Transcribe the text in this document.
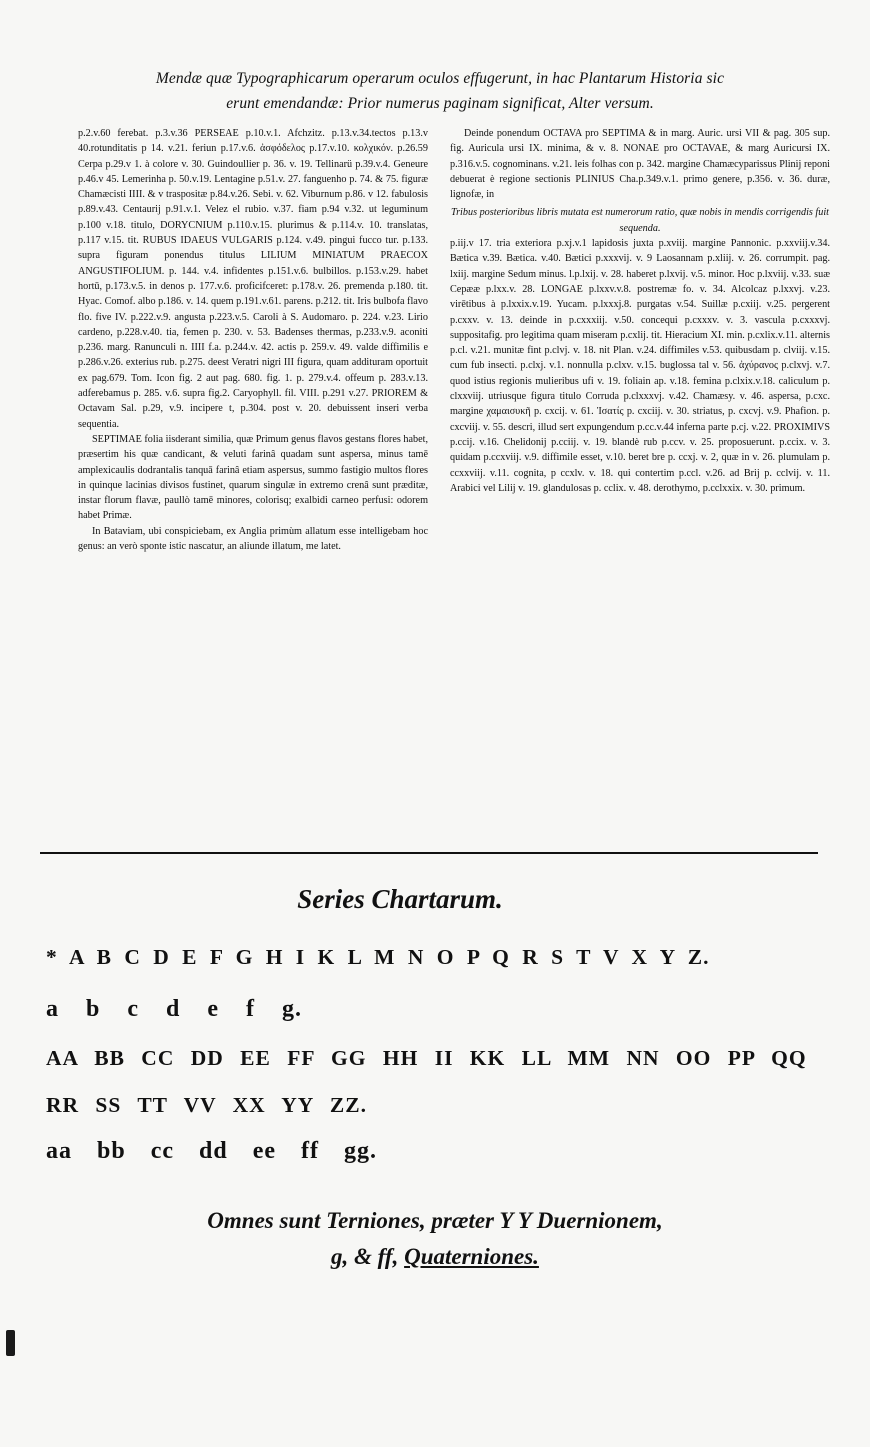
Mendæ quæ Typographicarum operarum oculos effugerunt, in hac Plantarum Historia sic
erunt emendandæ: Prior numerus paginam significat, Alter versum.

p.2.v.60 ferebat. p.3.v.36 PERSEAE p.10.v.1. Afchzitz. p.13.v.34.tectos p.13.v 40.rotunditatis p 14. v.21. feriun p.17.v.6. ἀσφόδελος p.17.v.10. κολχικόν. p.26.59 Cerpa p.29.v 1. à colore v. 30. Guindoullier p. 36. v. 19. Tellinarü p.39.v.4. Geneure p.46.v 45. Lemerinha p. 50.v.19. Lentagine p.51.v. 27. fanguenho p. 74. & 75. figuræ Chamæcisti IIII. & v traspositæ p.84.v.26. Sebi. v. 62. Viburnum p.86. v 12. fabulosis p.89.v.43. Centaurij p.91.v.1. Velez el rubio. v.37. fiam p.94 v.32. ut leguminum p.100 v.18. titulo, DORYCNIUM p.110.v.15. plurimus & p.114.v. 10. translatas, p.117 v.15. tit. RUBUS IDAEUS VULGARIS p.124. v.49. pingui fucco tur. p.133. supra figuram ponendus titulus LILIUM MINIATUM PRAECOX ANGUSTIFOLIUM. p. 144. v.4. infidentes p.151.v.6. bulbillos. p.153.v.29. habet hortū, p.173.v.5. in denos p. 177.v.6. proficifceret: p.178.v. 26. premenda p.180. tit. Hyac. Comof. albo p.186. v. 14. quem p.191.v.61. parens. p.212. tit. Iris bulbofa flavo flo. five IV. p.222.v.9. angusta p.223.v.5. Caroli à S. Audomaro. p. 224. v.23. Lirio cardeno, p.228.v.40. tia, femen p. 230. v. 53. Badenses thermas, p.233.v.9. aconiti p.236. marg. Ranunculi n. IIII f.a. p.244.v. 42. actis p. 259.v. 49. valde diffimilis e p.286.v.26. exterius rub. p.275. deest Veratri nigri III figura, quam addituram oportuit ex pag.679. Tom. Icon fig. 2 aut pag. 680. fig. 1. p. 279.v.4. offeum p. 283.v.13. adferebamus p. 285. v.6. supra fig.2. Caryophyll. fil. VIII. p.291 v.27. PRIOREM & Octavam Sal. p.29, v.9. incipere t, p.304. post v. 20. debuissent inseri verba sequentia.

SEPTIMAE folia iisderant similia, quæ Primum genus flavos gestans flores habet, præsertim his quæ candicant, & veluti farinâ quadam sunt aspersa, minus tamē amplexicaulis dodrantalis tanquā farinâ etiam aspersus, summo fastigio multos flores in quinque lacinias divisos fustinet, quarum singulæ in extremo crenâ sunt præditæ, instar florum flavæ, paullò tamē minores, colorisq; exalbidi carneo perfusi: odorem habet Primæ.

In Bataviam, ubi conspiciebam, ex Anglia primùm allatum esse intelligebam hoc genus: an verò sponte istic nascatur, an aliunde illatum, me latet.

Deinde ponendum OCTAVA pro SEPTIMA & in marg. Auric. ursi VII & pag. 305 sup. fig. Auricula ursi IX. minima, & v. 8. NONAE pro OCTAVAE, & marg Auricursi IX. p.316.v.5. cognominans. v.21. leis folhas con p. 342. margine Chamæcyparissus Plinij reponi debuerat è regione sectionis PLINIUS Cha.p.349.v.1. primo genere, p.356. v. 36. duræ, lignofæ, in

Tribus posterioribus libris mutata est numerorum ratio, quæ nobis in mendis corrigendis fuit sequenda.

p.iij.v 17. tria exteriora p.xj.v.1 lapidosis juxta p.xviij. margine Pannonic. p.xxviij.v.34. Bætica v.39. Bætica. v.40. Bætici p.xxxvij. v. 9 Laosannam p.xliij. v. 26. corrumpit. pag. lxiij. margine Sedum minus. l.p.lxij. v. 28. haberet p.lxvij. v.5. minor. Hoc p.lxviij. v.33. suæ Cepææ p.lxx.v. 28. LONGAE p.lxxv.v.8. postremæ fo. v. 34. Alcolcaz p.lxxvj. v.23. virētibus à p.lxxix.v.19. Yucam. p.lxxxj.8. purgatas v.54. Suillæ p.cxiij. v.25. pergerent p.cxxv. v. 13. deinde in p.cxxxiij. v.50. concequi p.cxxxv. v. 3. vascula p.cxxxvj. suppositafig. pro legitima quam miseram p.cxlij. tit. Hieracium XI. min. p.cxlix.v.11. alternis p.cl. v.21. munitæ fint p.clvj. v. 18. nit Plan. v.24. diffimiles v.53. quibusdam p. clviij. v.15. cum fub insecti. p.clxj. v.1. nonnulla p.clxv. v.15. buglossa tal v. 56. ἀχύρανος p.clxvj. v.7. quod istius regionis mulieribus ufi v. 19. foliain ap. v.18. femina p.clxix.v.18. caliculum p. clxxviij. utriusque figura titulo Corruda p.clxxxvj. v.42. Chamæsy. v. 46. aspersa, p.cxc. margine χαμαισυκῆ p. cxcij. v. 61. Ἰσατίς p. cxciij. v. 30. striatus, p. cxcvj. v.9. Phafion. p. cxcviij. v. 55. descri, illud sert expungendum p.cc.v.44 inferna parte p.cj. v.22. PROXIMIVS p.ccij. v.16. Chelidonij p.cciij. v. 19. blandè rub p.ccv. v. 25. proposuerunt. p.ccix. v. 3. quidam p.ccxviij. v.9. diffimile esset, v.10. beret bre p. ccxj. v. 2, quæ in v. 26. plumulam p. ccxxviij. v.11. cognita, p ccxlv. v. 18. qui contertim p.ccl. v.26. ad Brij p. cclvij. v. 11. Arabici vel Lilij v. 19. glandulosas p. cclix. v. 48. derothymo, p.cclxxix. v. 30. primum.

Series Chartarum.
* A B C D E F G H I K L M N O P Q R S T V X Y Z.
a b c d e f g.
AA BB CC DD EE FF GG HH II KK LL MM NN OO PP QQ
RR SS TT VV XX YY ZZ.
aa bb cc dd ee ff gg.
Omnes sunt Terniones, præter Y Y Duernionem,
g, & ff, Quaterniones.
